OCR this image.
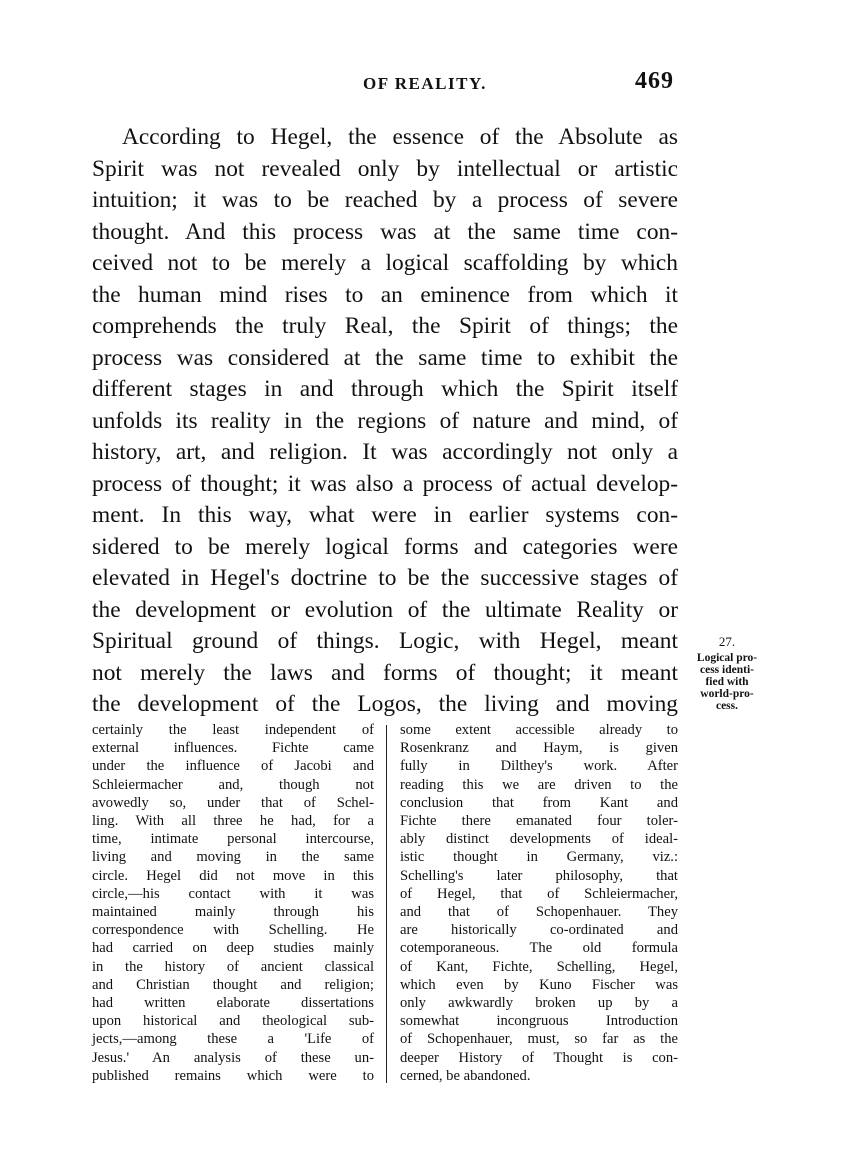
OF REALITY.	469
According to Hegel, the essence of the Absolute as
Spirit was not revealed only by intellectual or artistic
intuition; it was to be reached by a process of severe
thought. And this process was at the same time con-
ceived not to be merely a logical scaffolding by which
the human mind rises to an eminence from which it
comprehends the truly Real, the Spirit of things; the
process was considered at the same time to exhibit the
different stages in and through which the Spirit itself
unfolds its reality in the regions of nature and mind, of
history, art, and religion. It was accordingly not only a
process of thought; it was also a process of actual develop-
ment. In this way, what were in earlier systems con-
sidered to be merely logical forms and categories were
elevated in Hegel's doctrine to be the successive stages of
the development or evolution of the ultimate Reality or
Spiritual ground of things. Logic, with Hegel, meant
not merely the laws and forms of thought; it meant
the development of the Logos, the living and moving
27.
Logical pro-
cess identi-
fied with
world-pro-
cess.
certainly the least independent of
external influences. Fichte came
under the influence of Jacobi and
Schleiermacher and, though not
avowedly so, under that of Schel-
ling. With all three he had, for a
time, intimate personal intercourse,
living and moving in the same
circle. Hegel did not move in this
circle,—his contact with it was
maintained mainly through his
correspondence with Schelling. He
had carried on deep studies mainly
in the history of ancient classical
and Christian thought and religion;
had written elaborate dissertations
upon historical and theological sub-
jects,—among these a 'Life of
Jesus.' An analysis of these un-
published remains which were to
some extent accessible already to
Rosenkranz and Haym, is given
fully in Dilthey's work. After
reading this we are driven to the
conclusion that from Kant and
Fichte there emanated four toler-
ably distinct developments of ideal-
istic thought in Germany, viz.:
Schelling's later philosophy, that
of Hegel, that of Schleiermacher,
and that of Schopenhauer. They
are historically co-ordinated and
cotemporaneous. The old formula
of Kant, Fichte, Schelling, Hegel,
which even by Kuno Fischer was
only awkwardly broken up by a
somewhat incongruous Introduction
of Schopenhauer, must, so far as the
deeper History of Thought is con-
cerned, be abandoned.
